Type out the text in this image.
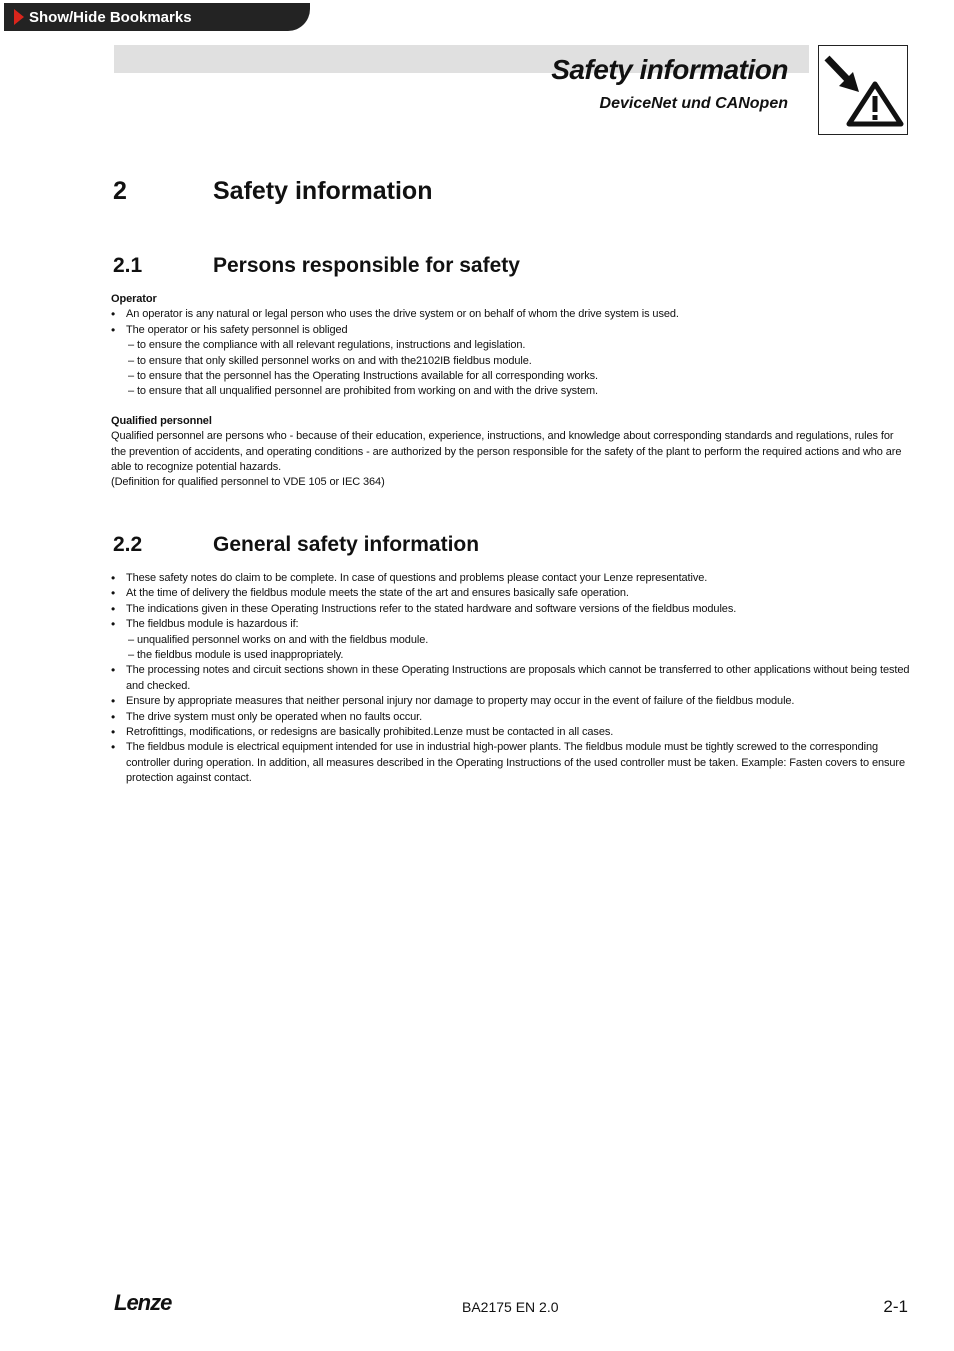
Show/Hide Bookmarks
Safety information
DeviceNet und CANopen
2	Safety information
2.1	Persons responsible for safety

Operator

• An operator is any natural or legal person who uses the drive system or on behalf of whom the drive system is used.
• The operator or his safety personnel is obliged

– to ensure the compliance with all relevant regulations, instructions and legislation.

– to ensure that only skilled personnel works on and with the2102IB fieldbus module.

– to ensure that the personnel has the Operating Instructions available for all corresponding works.

– to ensure that all unqualified personnel are prohibited from working on and with the drive system.

Qualified personnel

Qualified personnel are persons who - because of their education, experience, instructions, and knowledge about corresponding standards and regulations, rules for the prevention of accidents, and operating conditions - are authorized by the person responsible for the safety of the plant to perform the required actions and who are able to recognize potential hazards.

(Definition for qualified personnel to VDE 105 or IEC 364)

2.2	General safety information
• These safety notes do claim to be complete. In case of questions and problems please contact your Lenze representative.
• At the time of delivery the fieldbus module meets the state of the art and ensures basically safe operation.
• The indications given in these Operating Instructions refer to the stated hardware and software versions of the fieldbus modules.
• The fieldbus module is hazardous if:

– unqualified personnel works on and with the fieldbus module.

– the fieldbus module is used inappropriately.

• The processing notes and circuit sections shown in these Operating Instructions are proposals which cannot be transferred to other applications without being tested and checked.
• Ensure by appropriate measures that neither personal injury nor damage to property may occur in the event of failure of the fieldbus module.
• The drive system must only be operated when no faults occur.
• Retrofittings, modifications, or redesigns are basically prohibited.Lenze must be contacted in all cases.
• The fieldbus module is electrical equipment intended for use in industrial high-power plants. The fieldbus module must be tightly screwed to the corresponding controller during operation. In addition, all measures described in the Operating Instructions of the used controller must be taken. Example: Fasten covers to ensure protection against contact.
Lenze	BA2175 EN 2.0	2-1
